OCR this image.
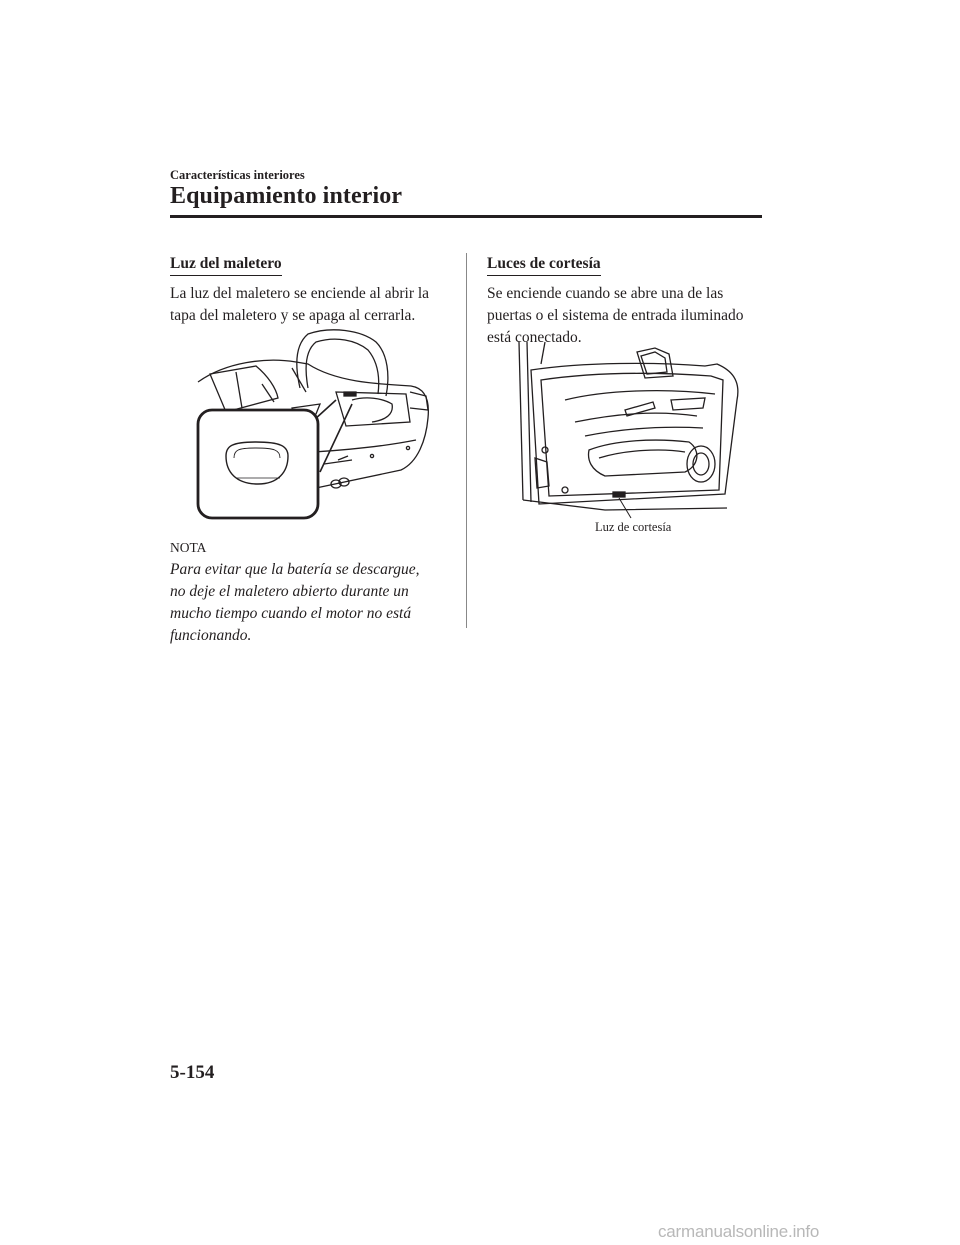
Características interiores
Equipamiento interior
Luz del maletero

La luz del maletero se enciende al abrir la
tapa del maletero y se apaga al cerrarla.

NOTA

Para evitar que la batería se descargue,
no deje el maletero abierto durante un
mucho tiempo cuando el motor no está
funcionando.

Luces de cortesía

Se enciende cuando se abre una de las
puertas o el sistema de entrada iluminado
está conectado.

Luz de cortesía
5-154
carmanualsonline.info
